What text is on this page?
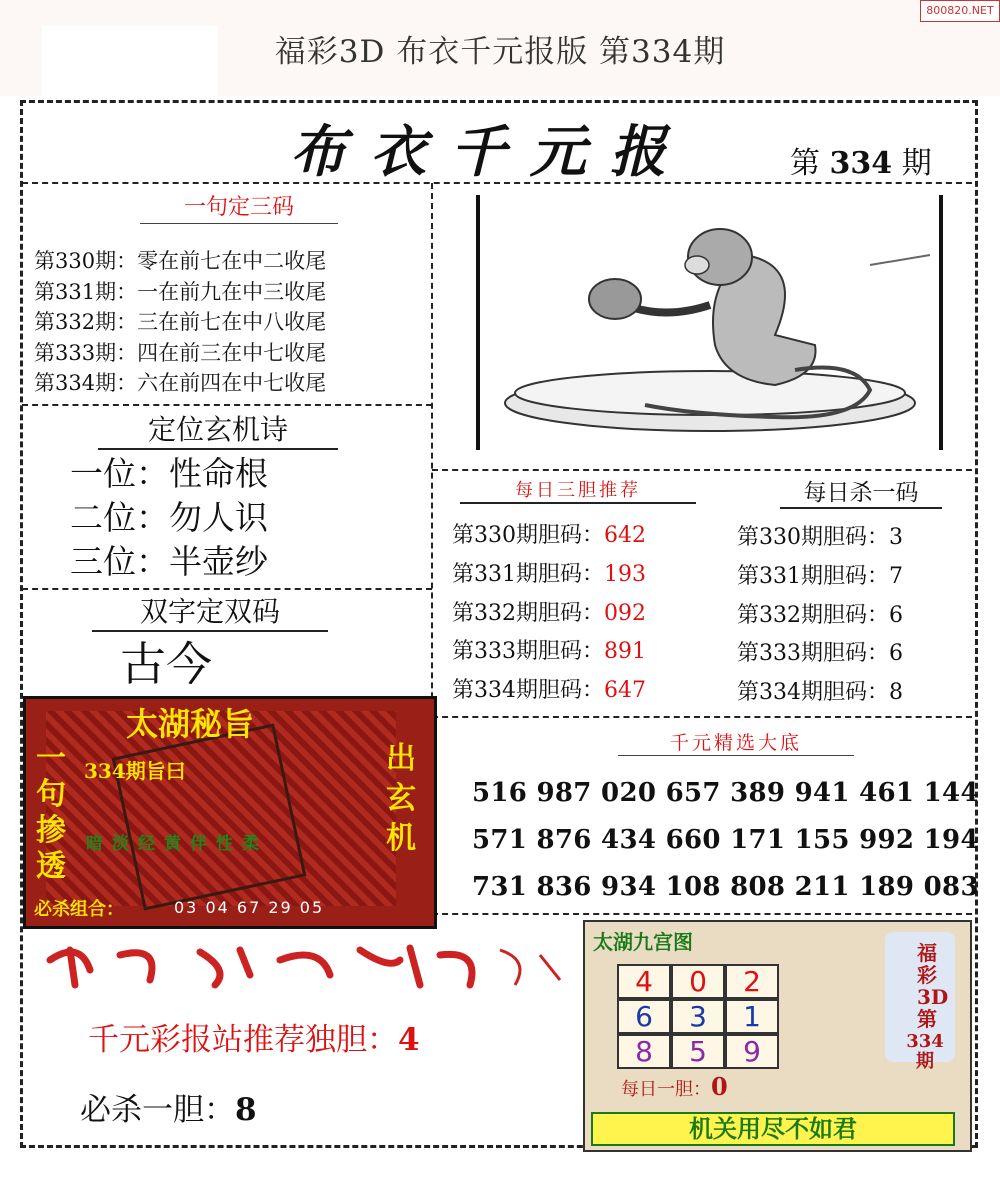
福彩3D 布衣千元报版 第334期
800820.NET
布衣千元报	第 334 期
一句定三码
第330期：零在前七在中二收尾
第331期：一在前九在中三收尾
第332期：三在前七在中八收尾
第333期：四在前三在中七收尾
第334期：六在前四在中七收尾
定位玄机诗
一位：性命根
二位：勿人识
三位：半壶纱
双字定双码
古今
每日三胆推荐
第330期胆码：642
第331期胆码：193
第332期胆码：092
第333期胆码：891
第334期胆码：647
每日杀一码
第330期胆码：3
第331期胆码：7
第332期胆码：6
第333期胆码：6
第334期胆码：8
千元精选大底
516 987 020 657 389 941 461 144
571 876 434 660 171 155 992 194
731 836 934 108 808 211 189 083
太湖秘旨
334期旨曰
一句掺透
出玄机
暗淡经黄伴性柔
必杀组合：	03 04 67 29 05
千元彩报站推荐独胆：4
必杀一胆：8
太湖九宫图	福彩3D第
334期
4	0	2
6	3	1
8	5	9
每日一胆：0
机关用尽不如君
